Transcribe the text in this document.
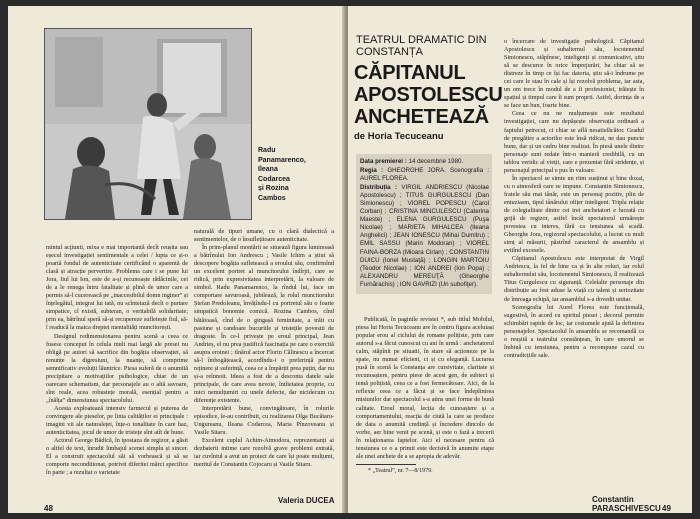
Radu
Panamarenco,
Ileana
Codarcea
și Rozina
Cambos

mintul acțiunii, mixa e mai importantă decît reușita sau eșecul investigației sentimentale a celei / lupta ce și-o poartă fondul de autenticitate certificând o aparentă de clasă și atracție pervertire. Problema care i se pune lui Jora, fiul lui Ion, este de a-și recunoaște rădăcinile, cei de a le renega întru fatalitate și plină de umor care a permis să-l cucerească pe „inaccesibilul domn inginer” și înțelegătul, integrat lui tată, nu scînteiază decît o purtare simpatice, cî există, subteran, o veritabilă solidaritate; prin ea, bătrînul speră să-și recupereze sufletește fiul, să-l readucă la matca dreptei mentalități muncitorești.

Designul redimensionarea pentru scenă a ceea ce fusese conceput în celula mult mai largă ale presei nu obligă pe autori să sacrifice din bogăția observației, să renunțe la digresiuni, la nuanțe, să comprime semnificativ evoluții lăuntrice. Piesa suferă de o anumită precipitare a motivațiilor psihologice, chiar de un oarecare schematism, dar personajele au o altă savoare, sînt reale, acea robustețe morală, esențial pentru a „înălța” dimensiunea spectacolului.

Acesta exploatează intensiv farmecul și puterea de convingere ale pieselor, pe linia calităților ei principale : imagini vii ale naturaleței, înțe-o tonalitate în care haz, autenticitatea, jocul de umor de tristețe sînt atît de bune.

Actorul George Bădică, în ipostaza de regizor, a găsit o altfel de text, înrudit limbajul scenei simplu și sincer. El a construit spectacolul săi să vorbească și să se comporte neconditionat, potrivit diferitei mărci specifice în parte ; a rezultat o varietate

naturală de tipuri umane, cu o clară dialectică a sentimentelor, de o însuflețitoare autenticitate.

În prim-planul montării se situează figura luminoasă a bătrînului Ion Andrescu ; Vasile Ichim a știut să descopere bogăția sufletească a eroului său, confirmînd un excelent portret al muncitorului îndîrjit, care se ridică, prin expresivitatea interpretării, la valoare de simbol. Radu Panamarenco, la rîndul lui, face un comportare savuroasă, jubilează, îa rolul muncitorului Ștefan Predoleanu, învățîndu-l cu portretul său o foarte simpatică bonomie comică. Rozina Cambos, cînd bătăioasă, cînd de o gingașă feminitate, a trăit cu pasiune și candoare bucuriile și tristețile povestii de dragoste. În ce-l privește pe eroul principal, Jean Andrieș, el nu prea justifică fascinația pe care o exercită asupra eroinei ; tînărul actor Florin Călinescu a încercat să-l îmbogățească, acordîndu-i o preferință pentru reținere și suferință, ceea ce a împărțit prea puțin, dar nu și-a reînnoit. Ideea a fost de a desconta datele sale principale, de care avea nevoie, întîietatea proprie, cu mici nemulțumiri cu unele defecte, dar nicidecum cu diferențe existente.

Interpretării bune, convingătoare, în rolurile episodice, le-au contribuit, cu realizarea Olga Bucătaru-Ungureanu, Ileana Codarcea, Maria Pînzoveanu și Vasile Sitaru.

Excelent cuplul Achim-Atmodora, reprezentanți ai dezbaterii intime care rezolvă grave problemi entrată, iar cuvîntul a avut un proiect de care își poate mulțumi, meritul de Constantin Cojocaru și Vasile Sitaru.

Valeria DUCEA
48
TEATRUL DRAMATIC DIN CONSTANȚA
CĂPITANUL APOSTOLESCU ANCHETEAZĂ
de Horia Tecuceanu
Data premierei : 14 decembrie 1980.
Regia : GHEORGHE JORA. Scenografia : AUREL FLOREA.
Distribuția : VIRGIL ANDRIESCU (Nicolae Apostolescu) ; TITUS GURGULESCU (Dan Simionescu) ; VIOREL POPESCU (Carol Corban) ; CRISTINA MINCULESCU (Caterina Maeste) ; ELENA GURGULESCU (Puşa Nicolae) ; MARIETA MIHALCEA (Ileana Anghelici) ; JEAN IONESCU (Mihai Dumitru) ; EMIL SASSU (Marin Modoran) ; VIOREL FAINA-BORZA (Mioara Cirlan) ; CONSTANTIN DUICU (Ionel Mustaţă) ; LONGIN MARTOIU (Teodor Nicolae) ; ION ANDREI (Ion Popa) ; ALEXANDRU MEREUŢĂ (Gheorghe Furnărachis) ; ION GAVRIZI (Un subofiţer).

Publicată, în paginile revistei *, sub titlul Mobilul, piesa lui Horia Tecuceanu are în centru figura aceluiași popular erou al ciclului de romane polițiste, prin care autorul s-a făcut cunoscut cu ani în urmă : anchetatorul calm, stăpînit pe situatii, în stare să acționeze pe la spate, nu numai eficient, ci și cu eleganță. Lucrarea pusă în scenă la Constanța are cursivitate, claritate și recunoaștere, pentru piese de acest gen, de subiect și temă polițistă, ceea ce a fost fermecătoare. Aici, de la reflexie ceea ce a făcut și se face îndeplinirea misiunilor dar spectacolul s-a atins unei forme de bună calitate. Eroul moral, lecția de cunoaștere și a comportamentului, reacția de ciută la care se produce de data o anumită credință și încredere dincolo de vorbe, aer bine venit pe scenă, și este o fază a trecerii în relaționarea faptelor. Aici el necesare pentru că tensiunea ce o a primit este decisivă în anumite etape ale unei anchete de a se apropia de adevăr.

o încercare de investigație psihologică. Căpitanul Apostolescu și subalternul său, locotenentul Simionescu, stăpînesc, inteligenți și comunicativi, știu să se descurce în orice împrejurări, ba chiar să se distreze în timp ce își fac datoria, știu să-i îndrume pe cei care le stau în cale și își rezolvă problema, iar asta, un om trece în modul de a fi profesionist, trăiește în spațiul și timpul care îi sunt proprii. Astfel, dorința de a se face un bun, foarte bine.

Ceea ce nu ne mulțumește este rezultatul investigației, care nu depășește observația ordinară a faptului petrecut, ci chiar se află nesatisfăcător. Gradul de pregătire a actorilor este însă ridicat, ne dau puncte bune, dar și un cadru bine realizat. În piesă unele dintre personaje sunt redate într-o manieră credibilă, cu un tablou veridic al vieții, care e prezentat fără stridențe, și personajul principal e pus în valoare.

În spectacol se simte un ritm susținut și bine dozat, cu o atmosferă care se impune. Constantin Simionescu, fratele său mai tânăr, este un personaj pozitiv, plin de entuziasm, tipul tânărului ofițer inteligent. Tripla relație de colegialitate dintre cei trei anchetatori e lucrată cu grijă de regizor, astfel încât spectatorul urmărește povestea cu interes, fără ca tensiunea să scadă. Gheorghe Jora, regizorul spectacolului, a lucrat cu mult simț al măsurii, păstrînd caracterul de ansamblu și evitînd excesele.

Căpitanul Apostolescu este interpretat de Virgil Andriescu, la fel de bine ca și în alte roluri, iar rolul subalternului său, locotenentul Simionescu, îl realizează Titus Gurgulescu cu siguranță. Celelalte personaje din distribuție au fost aduse la viață cu talent și seriozitate de întreaga echipă, iar ansamblul s-a dovedit unitar.

Scenografia lui Aurel Florea este funcțională, sugestivă, în acord cu spiritul piesei ; decorul permite schimbări rapide de loc, iar costumele ajută la definirea personajelor. Spectacolul în ansamblu se recomandă ca o reușită a teatrului constănțean, în care umorul se îmbină cu tensiunea, pentru a recompune cazul cu contradicțiile sale.

* „Teatrul”, nr. 7—8/1979.
Constantin PARASCHIVESCU 49
